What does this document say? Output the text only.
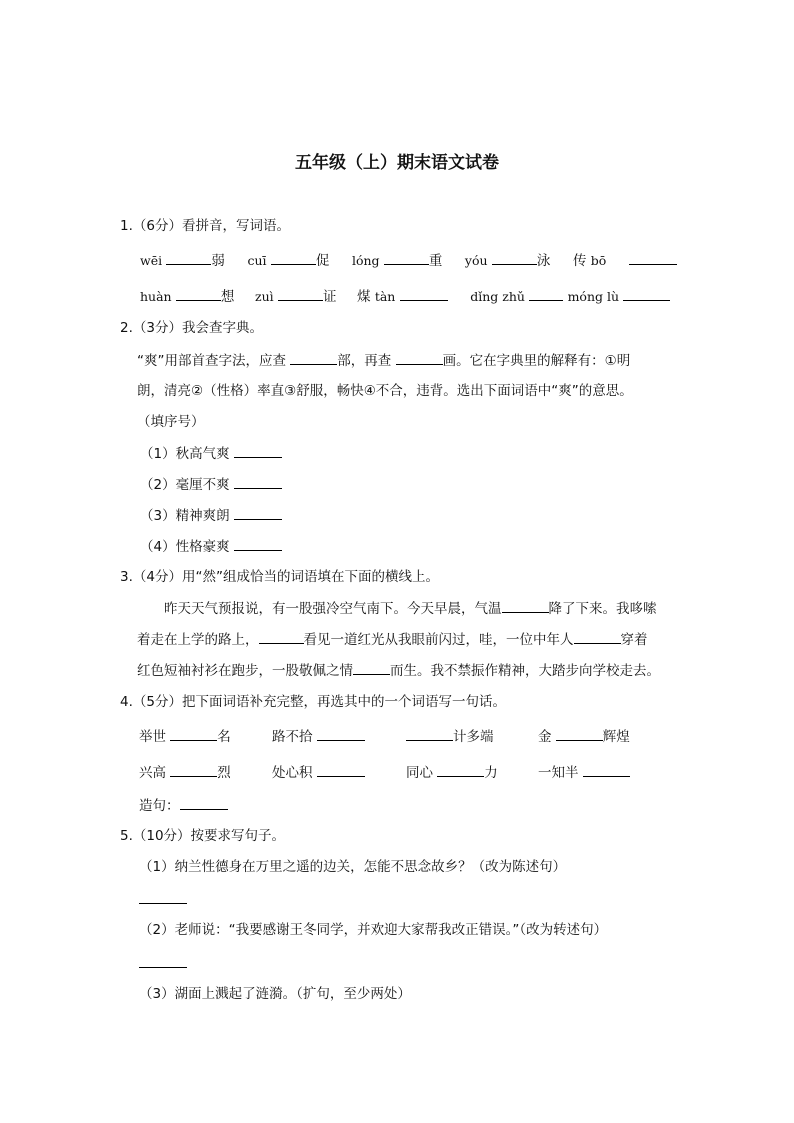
五年级（上）期末语文试卷
1.（6分）看拼音，写词语。
wēi	弱 cuī	促 lóng	重 yóu	泳 传 bō
huàn	想 zuì	证 煤 tàn	dǐng zhǔ	móng lù
2.（3分）我会查字典。
“爽”用部首查字法，应查	部，再查	画。它在字典里的解释有：①明
朗，清亮②（性格）率直③舒服，畅快④不合，违背。选出下面词语中“爽”的意思。
（填序号）
（1）秋高气爽
（2）毫厘不爽
（3）精神爽朗
（4）性格豪爽
3.（4分）用“然”组成恰当的词语填在下面的横线上。
昨天天气预报说，有一股强冷空气南下。今天早晨，气温	降了下来。我哆嗦
着走在上学的路上，	看见一道红光从我眼前闪过，哇，一位中年人	穿着
红色短袖衬衫在跑步，一股敬佩之情	而生。我不禁振作精神，大踏步向学校走去。
4.（5分）把下面词语补充完整，再选其中的一个词语写一句话。
举世	名	路不拾	计多端	金	辉煌
兴高	烈	处心积	同心	力	一知半
造句：
5.（10分）按要求写句子。
（1）纳兰性德身在万里之遥的边关，怎能不思念故乡？（改为陈述句）
（2）老师说：“我要感谢王冬同学，并欢迎大家帮我改正错误。”（改为转述句）
（3）湖面上溅起了涟漪。（扩句，至少两处）
